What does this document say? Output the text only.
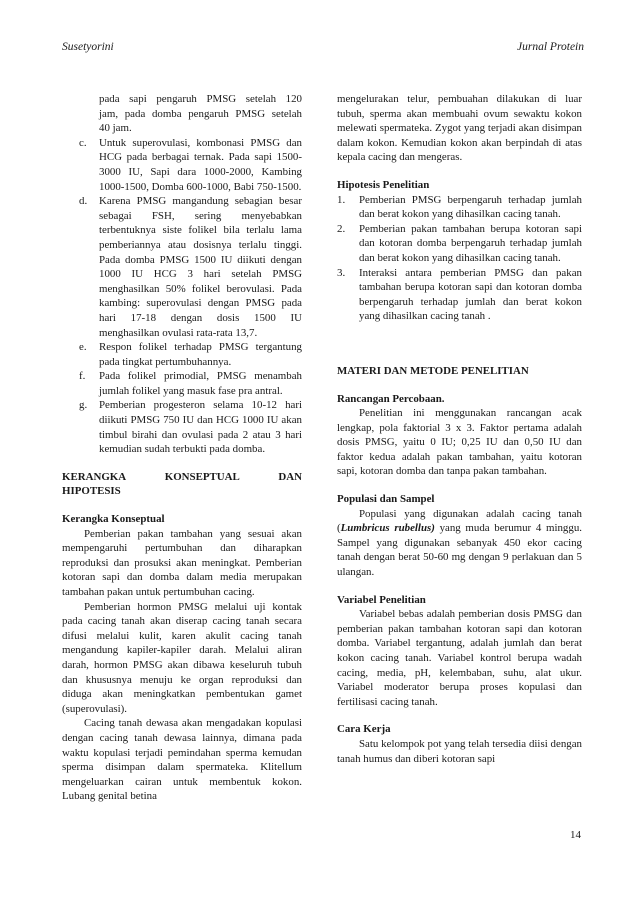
Susetyorini	Jurnal Protein
pada sapi pengaruh PMSG setelah 120
jam, pada domba pengaruh PMSG setelah
40 jam.
c.	Untuk superovulasi, kombonasi PMSG dan HCG pada berbagai ternak. Pada sapi 1500-3000 IU, Sapi dara 1000-2000, Kambing 1000-1500, Domba 600-1000, Babi 750-1500.
d.	Karena PMSG mangandung sebagian besar sebagai FSH, sering menyebabkan terbentuknya siste folikel bila terlalu lama pemberiannya atau dosisnya terlalu tinggi. Pada domba PMSG 1500 IU diikuti dengan 1000 IU HCG 3 hari setelah PMSG menghasilkan 50% folikel berovulasi. Pada kambing: superovulasi dengan PMSG pada hari 17-18 dengan dosis 1500 IU menghasilkan ovulasi rata-rata 13,7.
e.	Respon folikel terhadap PMSG tergantung pada tingkat pertumbuhannya.
f.	Pada folikel primodial, PMSG menambah jumlah folikel yang masuk fase pra antral.
g.	Pemberian progesteron selama 10-12 hari diikuti PMSG 750 IU dan HCG 1000 IU akan timbul birahi dan ovulasi pada 2 atau 3 hari kemudian sudah terbukti pada domba.
KERANGKA	KONSEPTUAL	DAN
HIPOTESIS
Kerangka Konseptual
Pemberian pakan tambahan yang sesuai akan mempengaruhi pertumbuhan dan diharapkan reproduksi dan prosuksi akan meningkat. Pemberian kotoran sapi dan domba dalam media merupakan tambahan pakan untuk pertumbuhan cacing.
Pemberian hormon PMSG melalui uji kontak pada cacing tanah akan diserap cacing tanah secara difusi melalui kulit, karen akulit cacing tanah mengandung kapiler-kapiler darah. Melalui aliran darah, hormon PMSG akan dibawa keseluruh tubuh dan khususnya menuju ke organ reproduksi dan diduga akan meningkatkan pembentukan gamet (superovulasi).
Cacing tanah dewasa akan mengadakan kopulasi dengan cacing tanah dewasa lainnya, dimana pada waktu kopulasi terjadi pemindahan sperma kemudan sperma disimpan dalam spermateka. Klitellum mengeluarkan cairan untuk membentuk kokon. Lubang genital betina
mengelurakan telur, pembuahan dilakukan di luar tubuh, sperma akan membuahi ovum sewaktu kokon melewati spermateka. Zygot yang terjadi akan disimpan dalam kokon. Kemudian kokon akan berpindah di atas kepala cacing dan mengeras.
Hipotesis Penelitian
1.	Pemberian PMSG berpengaruh terhadap jumlah dan berat kokon yang dihasilkan cacing tanah.
2.	Pemberian pakan tambahan berupa kotoran sapi dan kotoran domba berpengaruh terhadap jumlah dan berat kokon yang dihasilkan cacing tanah.
3.	Interaksi antara pemberian PMSG dan pakan tambahan berupa kotoran sapi dan kotoran domba berpengaruh terhadap jumlah dan berat kokon yang dihasilkan cacing tanah .
MATERI DAN METODE PENELITIAN
Rancangan Percobaan.
Penelitian ini menggunakan rancangan acak lengkap, pola faktorial 3 x 3. Faktor pertama adalah dosis PMSG, yaitu 0 IU; 0,25 IU dan 0,50 IU dan faktor kedua adalah pakan tambahan, yaitu kotoran sapi, kotoran domba dan tanpa pakan tambahan.
Populasi dan Sampel
Populasi yang digunakan adalah cacing tanah (Lumbricus rubellus) yang muda berumur 4 minggu. Sampel yang digunakan sebanyak 450 ekor cacing tanah dengan berat 50-60 mg dengan 9 perlakuan dan 5 ulangan.
Variabel Penelitian
Variabel bebas adalah pemberian dosis PMSG dan pemberian pakan tambahan kotoran sapi dan kotoran domba. Variabel tergantung, adalah jumlah dan berat kokon cacing tanah. Variabel kontrol berupa wadah cacing, media, pH, kelembaban, suhu, alat ukur. Variabel moderator berupa proses kopulasi dan fertilisasi cacing tanah.
Cara Kerja
Satu kelompok pot yang telah tersedia diisi dengan tanah humus dan diberi kotoran sapi
14
